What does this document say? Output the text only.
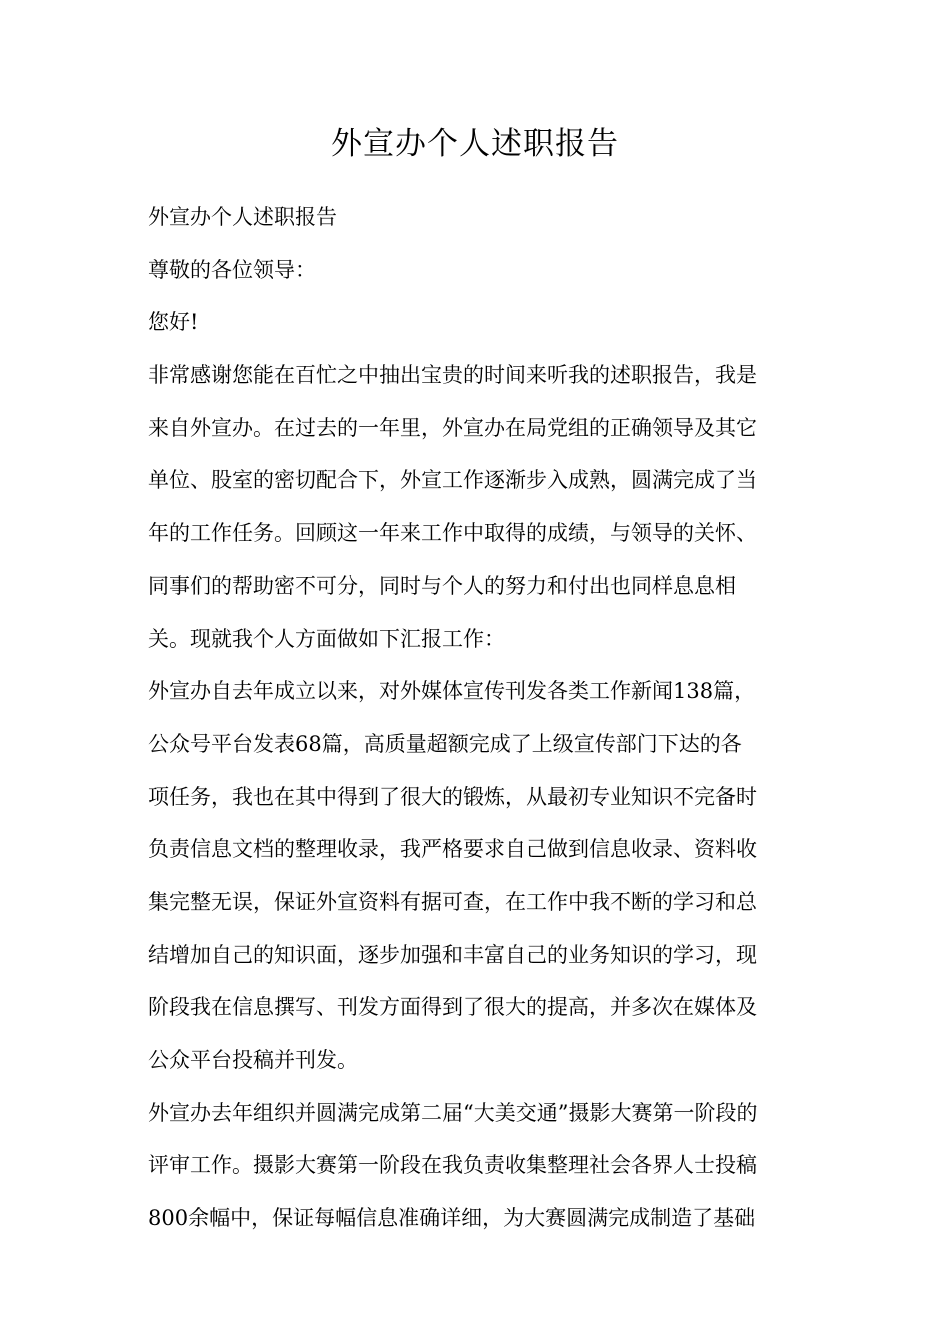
外宣办个人述职报告
外宣办个人述职报告
尊敬的各位领导：
您好!
非常感谢您能在百忙之中抽出宝贵的时间来听我的述职报告，我是
来自外宣办。在过去的一年里，外宣办在局党组的正确领导及其它
单位、股室的密切配合下，外宣工作逐渐步入成熟，圆满完成了当
年的工作任务。回顾这一年来工作中取得的成绩，与领导的关怀、
同事们的帮助密不可分，同时与个人的努力和付出也同样息息相
关。现就我个人方面做如下汇报工作：
外宣办自去年成立以来，对外媒体宣传刊发各类工作新闻138篇，
公众号平台发表68篇，高质量超额完成了上级宣传部门下达的各
项任务，我也在其中得到了很大的锻炼，从最初专业知识不完备时
负责信息文档的整理收录，我严格要求自己做到信息收录、资料收
集完整无误，保证外宣资料有据可查，在工作中我不断的学习和总
结增加自己的知识面，逐步加强和丰富自己的业务知识的学习，现
阶段我在信息撰写、刊发方面得到了很大的提高，并多次在媒体及
公众平台投稿并刊发。
外宣办去年组织并圆满完成第二届“大美交通”摄影大赛第一阶段的
评审工作。摄影大赛第一阶段在我负责收集整理社会各界人士投稿
800余幅中，保证每幅信息准确详细，为大赛圆满完成制造了基础
